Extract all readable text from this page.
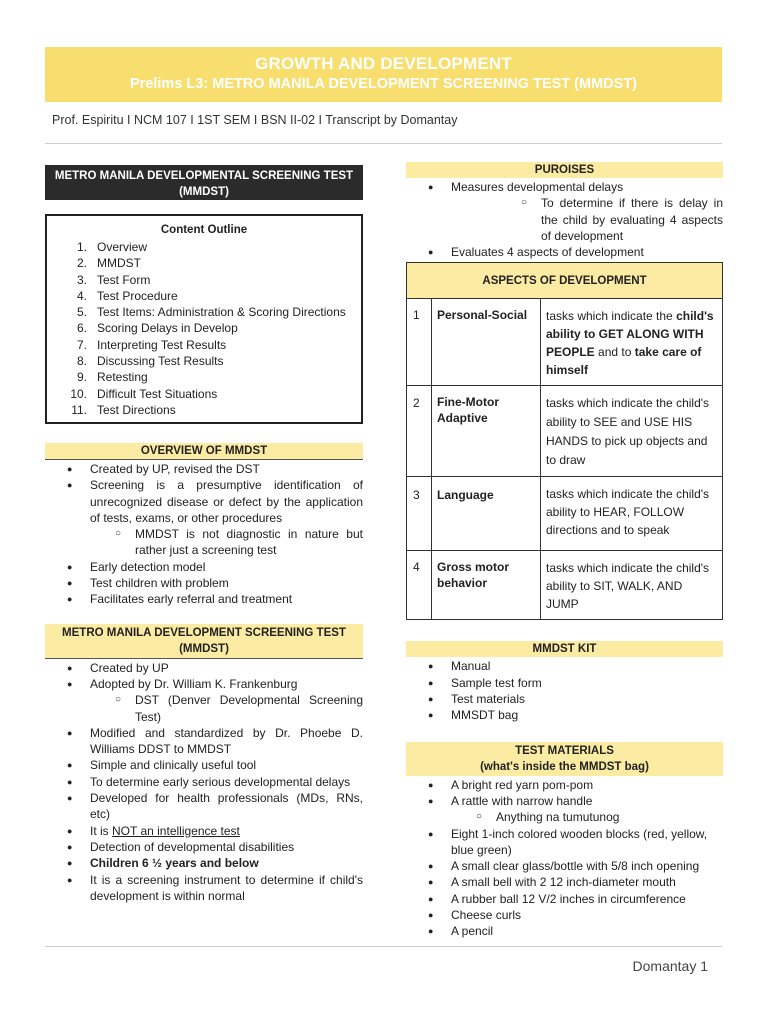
GROWTH AND DEVELOPMENT
Prelims L3: METRO MANILA DEVELOPMENT SCREENING TEST (MMDST)
Prof. Espiritu I NCM 107 I 1ST SEM I BSN II-02 I Transcript by Domantay
METRO MANILA DEVELOPMENTAL SCREENING TEST (MMDST)
Content Outline
1. Overview
2. MMDST
3. Test Form
4. Test Procedure
5. Test Items: Administration & Scoring Directions
6. Scoring Delays in Develop
7. Interpreting Test Results
8. Discussing Test Results
9. Retesting
10. Difficult Test Situations
11. Test Directions
OVERVIEW OF MMDST
● Created by UP, revised the DST
● Screening is a presumptive identification of unrecognized disease or defect by the application of tests, exams, or other procedures
○ MMDST is not diagnostic in nature but rather just a screening test
● Early detection model
● Test children with problem
● Facilitates early referral and treatment
METRO MANILA DEVELOPMENT SCREENING TEST (MMDST)
● Created by UP
● Adopted by Dr. William K. Frankenburg
○ DST (Denver Developmental Screening Test)
● Modified and standardized by Dr. Phoebe D. Williams DDST to MMDST
● Simple and clinically useful tool
● To determine early serious developmental delays
● Developed for health professionals (MDs, RNs, etc)
● It is NOT an intelligence test
● Detection of developmental disabilities
● Children 6 ½ years and below
● It is a screening instrument to determine if child's development is within normal
PUROISES
● Measures developmental delays
○ To determine if there is delay in the child by evaluating 4 aspects of development
● Evaluates 4 aspects of development
ASPECTS OF DEVELOPMENT		
1	Personal-Social	tasks which indicate the child's ability to GET ALONG WITH PEOPLE and to take care of himself
2	Fine-Motor Adaptive	tasks which indicate the child's ability to SEE and USE HIS HANDS to pick up objects and to draw
3	Language	tasks which indicate the child's ability to HEAR, FOLLOW directions and to speak
4	Gross motor behavior	tasks which indicate the child's ability to SIT, WALK, AND JUMP
MMDST KIT
● Manual
● Sample test form
● Test materials
● MMSDT bag
TEST MATERIALS
(what's inside the MMDST bag)
● A bright red yarn pom-pom
● A rattle with narrow handle
○ Anything na tumutunog
● Eight 1-inch colored wooden blocks (red, yellow, blue green)
● A small clear glass/bottle with 5/8 inch opening
● A small bell with 2 12 inch-diameter mouth
● A rubber ball 12 V/2 inches in circumference
● Cheese curls
● A pencil
Domantay 1
